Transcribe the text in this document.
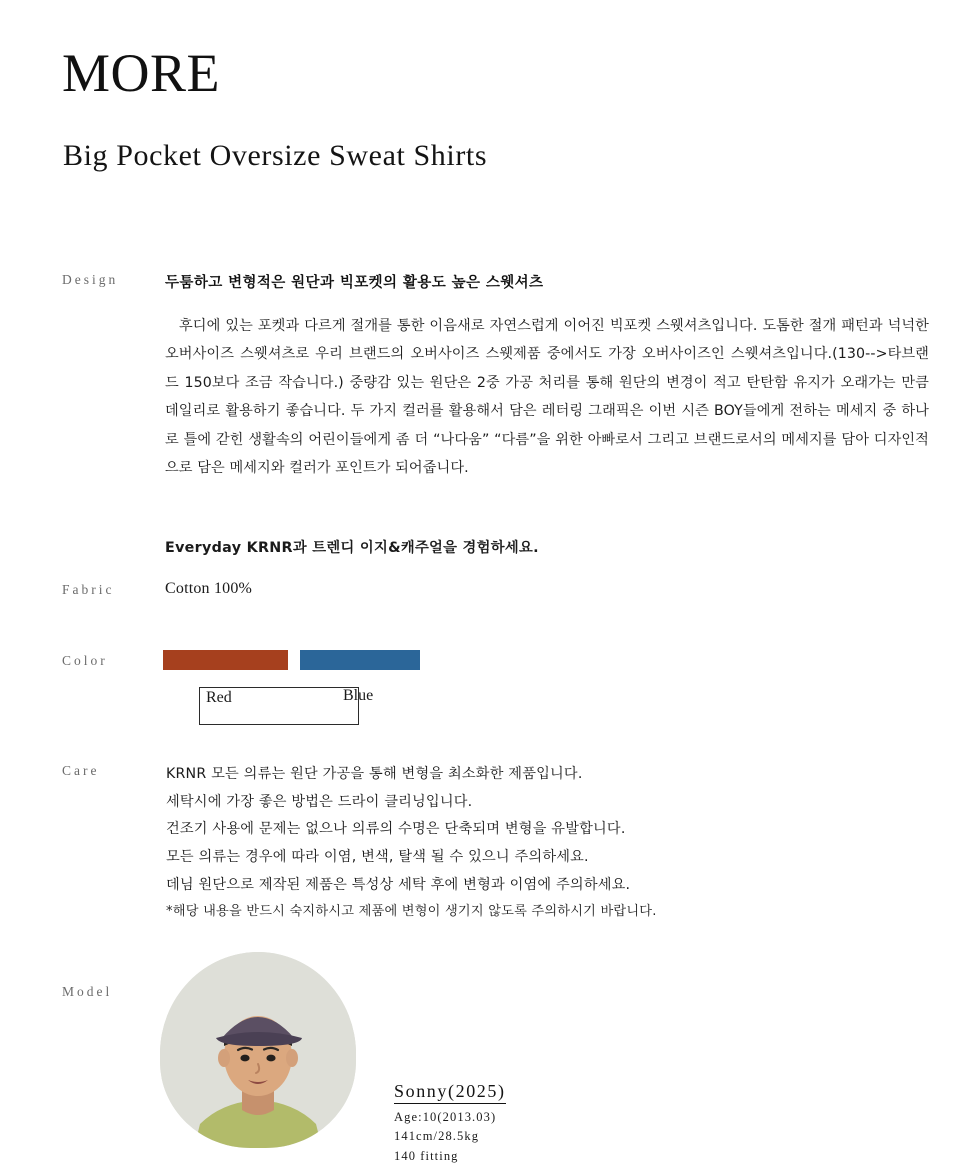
MORE
Big Pocket Oversize Sweat Shirts
Design	두툼하고 변형적은 원단과 빅포켓의 활용도 높은 스웻셔츠
후디에 있는 포켓과 다르게 절개를 통한 이음새로 자연스럽게 이어진 빅포켓 스웻셔츠입니다. 도톰한 절개 패턴과 넉넉한 오버사이즈 스웻셔츠로 우리 브랜드의 오버사이즈 스웻제품 중에서도 가장 오버사이즈인 스웻셔츠입니다.(130-->타브랜드 150보다 조금 작습니다.) 중량감 있는 원단은 2중 가공 처리를 통해 원단의 변경이 적고 탄탄함 유지가 오래가는 만큼 데일리로 활용하기 좋습니다. 두 가지 컬러를 활용해서 담은 레터링 그래픽은 이번 시즌 BOY들에게 전하는 메세지 중 하나로 틀에 갇힌 생활속의 어린이들에게 좀 더 “나다움” “다름”을 위한 아빠로서 그리고 브랜드로서의 메세지를 담아 디자인적으로 담은 메세지와 컬러가 포인트가 되어줍니다.
Everyday KRNR과 트렌디 이지&캐주얼을 경험하세요.
Fabric	Cotton 100%
Color
Red	Blue
Care	KRNR 모든 의류는 원단 가공을 통해 변형을 최소화한 제품입니다.
세탁시에 가장 좋은 방법은 드라이 클리닝입니다.
건조기 사용에 문제는 없으나 의류의 수명은 단축되며 변형을 유발합니다.
모든 의류는 경우에 따라 이염, 변색, 탈색 될 수 있으니 주의하세요.
데님 원단으로 제작된 제품은 특성상 세탁 후에 변형과 이염에 주의하세요.
*해당 내용을 반드시 숙지하시고 제품에 변형이 생기지 않도록 주의하시기 바랍니다.
Model
Sonny(2025)
Age:10(2013.03)
141cm/28.5kg
140 fitting
